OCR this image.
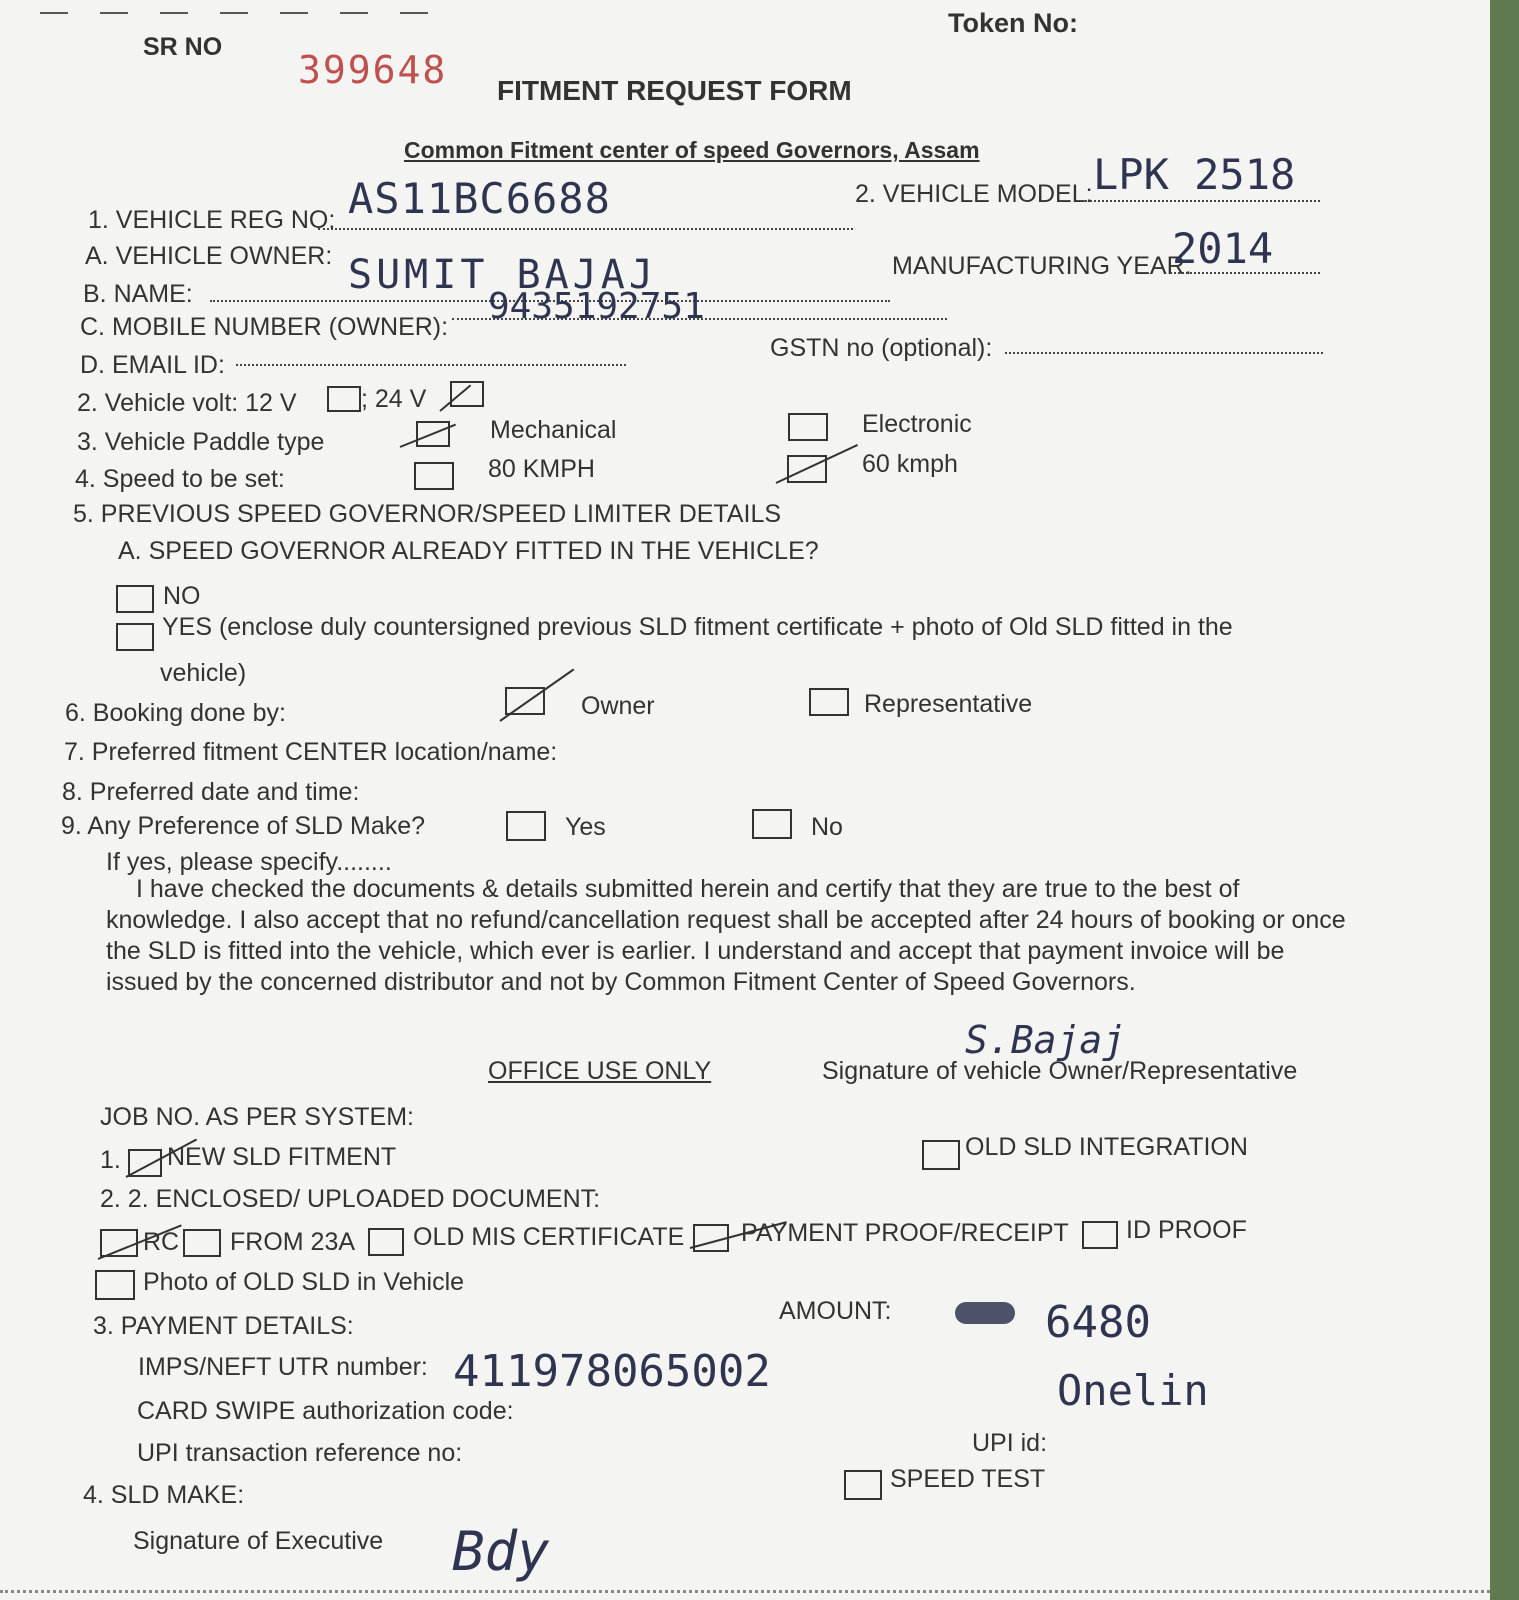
Token No:
SR NO
399648 FITMENT REQUEST FORM
Common Fitment center of speed Governors, Assam
1. VEHICLE REG NO: AS11BC6688	2. VEHICLE MODEL: LPK 2518
A. VEHICLE OWNER:
B. NAME:	SUMIT BAJAJ	MANUFACTURING YEAR:
2014
C. MOBILE NUMBER (OWNER): 9435192751
D. EMAIL ID:
GSTN no (optional):
2. Vehicle volt: 12 V	; 24 V
3. Vehicle Paddle type	Mechanical	Electronic
4. Speed to be set:	80 KMPH	60 kmph
5. PREVIOUS SPEED GOVERNOR/SPEED LIMITER DETAILS
A. SPEED GOVERNOR ALREADY FITTED IN THE VEHICLE?
NO
YES (enclose duly countersigned previous SLD fitment certificate + photo of Old SLD fitted in the
vehicle)
6. Booking done by:	Owner	Representative
7. Preferred fitment CENTER location/name:
8. Preferred date and time:
9. Any Preference of SLD Make?	Yes	No
If yes, please specify........
I have checked the documents & details submitted herein and certify that they are true to the best of knowledge. I also accept that no refund/cancellation request shall be accepted after 24 hours of booking or once the SLD is fitted into the vehicle, which ever is earlier. I understand and accept that payment invoice will be issued by the concerned distributor and not by Common Fitment Center of Speed Governors.
S.Bajaj
Signature of vehicle Owner/Representative
OFFICE USE ONLY
JOB NO. AS PER SYSTEM:
1. NEW SLD FITMENT	OLD SLD INTEGRATION
2. 2. ENCLOSED/ UPLOADED DOCUMENT:
RC FROM 23A OLD MIS CERTIFICATE PAYMENT PROOF/RECEIPT ID PROOF
Photo of OLD SLD in Vehicle
3. PAYMENT DETAILS:
AMOUNT:	6480
IMPS/NEFT UTR number: 411978065002	Onelin
CARD SWIPE authorization code:
UPI transaction reference no:	UPI id:
4. SLD MAKE:
SPEED TEST
Signature of Executive Bdy
